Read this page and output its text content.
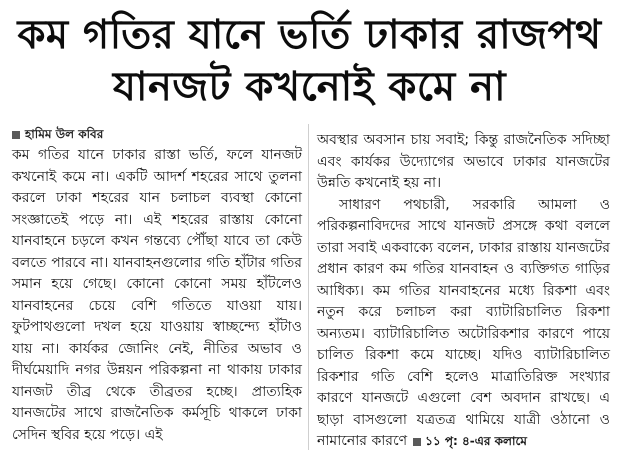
কম গতির যানে ভর্তি ঢাকার রাজপথ
যানজট কখনোই কমে না
হামিম উল কবির

কম গতির যানে ঢাকার রাস্তা ভর্তি, ফলে যানজট কখনোই কমে না। একটি আদর্শ শহরের সাথে তুলনা করলে ঢাকা শহরের যান চলাচল ব্যবস্থা কোনো সংজ্ঞাতেই পড়ে না। এই শহরের রাস্তায় কোনো যানবাহনে চড়লে কখন গন্তব্যে পৌঁছা যাবে তা কেউ বলতে পারবে না। যানবাহনগুলোর গতি হাঁটার গতির সমান হয়ে গেছে। কোনো কোনো সময় হাঁটলেও যানবাহনের চেয়ে বেশি গতিতে যাওয়া যায়। ফুটপাথগুলো দখল হয়ে যাওয়ায় স্বাচ্ছন্দ্যে হাঁটাও যায় না। কার্যকর জোনিং নেই, নীতির অভাব ও দীর্ঘমেয়াদি নগর উন্নয়ন পরিকল্পনা না থাকায় ঢাকার যানজট তীব্র থেকে তীব্রতর হচ্ছে। প্রাত্যহিক যানজটের সাথে রাজনৈতিক কর্মসূচি থাকলে ঢাকা সেদিন স্থবির হয়ে পড়ে। এই

অবস্থার অবসান চায় সবাই; কিন্তু রাজনৈতিক সদিচ্ছা এবং কার্যকর উদ্যোগের অভাবে ঢাকার যানজটের উন্নতি কখনোই হয় না।

সাধারণ পথচারী, সরকারি আমলা ও পরিকল্পনাবিদদের সাথে যানজট প্রসঙ্গে কথা বললে তারা সবাই একবাক্যে বলেন, ঢাকার রাস্তায় যানজটের প্রধান কারণ কম গতির যানবাহন ও ব্যক্তিগত গাড়ির আধিক্য। কম গতির যানবাহনের মধ্যে রিকশা এবং নতুন করে চলাচল করা ব্যাটারিচালিত রিকশা অন্যতম। ব্যাটারিচালিত অটোরিকশার কারণে পায়ে চালিত রিকশা কমে যাচ্ছে। যদিও ব্যাটারিচালিত রিকশার গতি বেশি হলেও মাত্রাতিরিক্ত সংখ্যার কারণে যানজটে এগুলো বেশ অবদান রাখছে। এ ছাড়া বাসগুলো যত্রতত্র থামিয়ে যাত্রী ওঠানো ও নামানোর কারণে ১১ পৃ: ৪-এর কলামে
